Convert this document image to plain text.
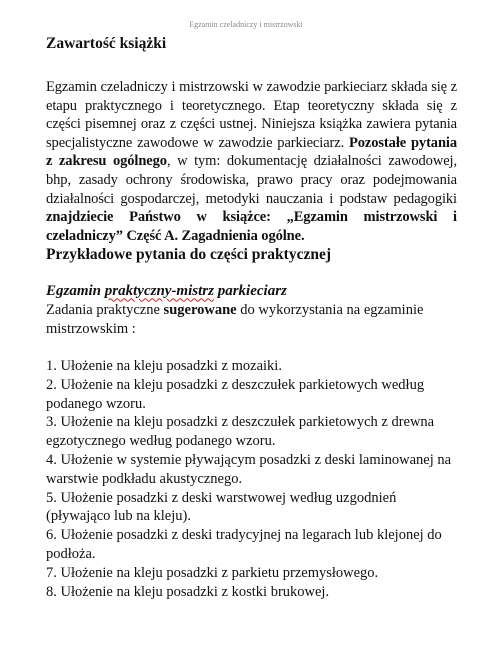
Egzamin czeladniczy i mistrzowski
Zawartość książki

Egzamin czeladniczy i mistrzowski w zawodzie parkieciarz składa się z etapu praktycznego i teoretycznego. Etap teoretyczny składa się z części pisemnej oraz z części ustnej. Niniejsza książka zawiera pytania specjalistyczne zawodowe w zawodzie parkieciarz. Pozostałe pytania z zakresu ogólnego, w tym: dokumentację działalności zawodowej, bhp, zasady ochrony środowiska, prawo pracy oraz podejmowania działalności gospodarczej, metodyki nauczania i podstaw pedagogiki znajdziecie Państwo w książce: „Egzamin mistrzowski i czeladniczy” Część A. Zagadnienia ogólne.

Przykładowe pytania do części praktycznej

Egzamin praktyczny-mistrz parkieciarz

Zadania praktyczne sugerowane do wykorzystania na egzaminie mistrzowskim :

1. Ułożenie na kleju posadzki z mozaiki.
2. Ułożenie na kleju posadzki z deszczułek parkietowych według podanego wzoru.
3. Ułożenie na kleju posadzki z deszczułek parkietowych z drewna egzotycznego według podanego wzoru.
4. Ułożenie w systemie pływającym posadzki z deski laminowanej na warstwie podkładu akustycznego.
5. Ułożenie posadzki z deski warstwowej według uzgodnień (pływająco lub na kleju).
6. Ułożenie posadzki z deski tradycyjnej na legarach lub klejonej do podłoża.
7. Ułożenie na kleju posadzki z parkietu przemysłowego.
8. Ułożenie na kleju posadzki z kostki brukowej.
